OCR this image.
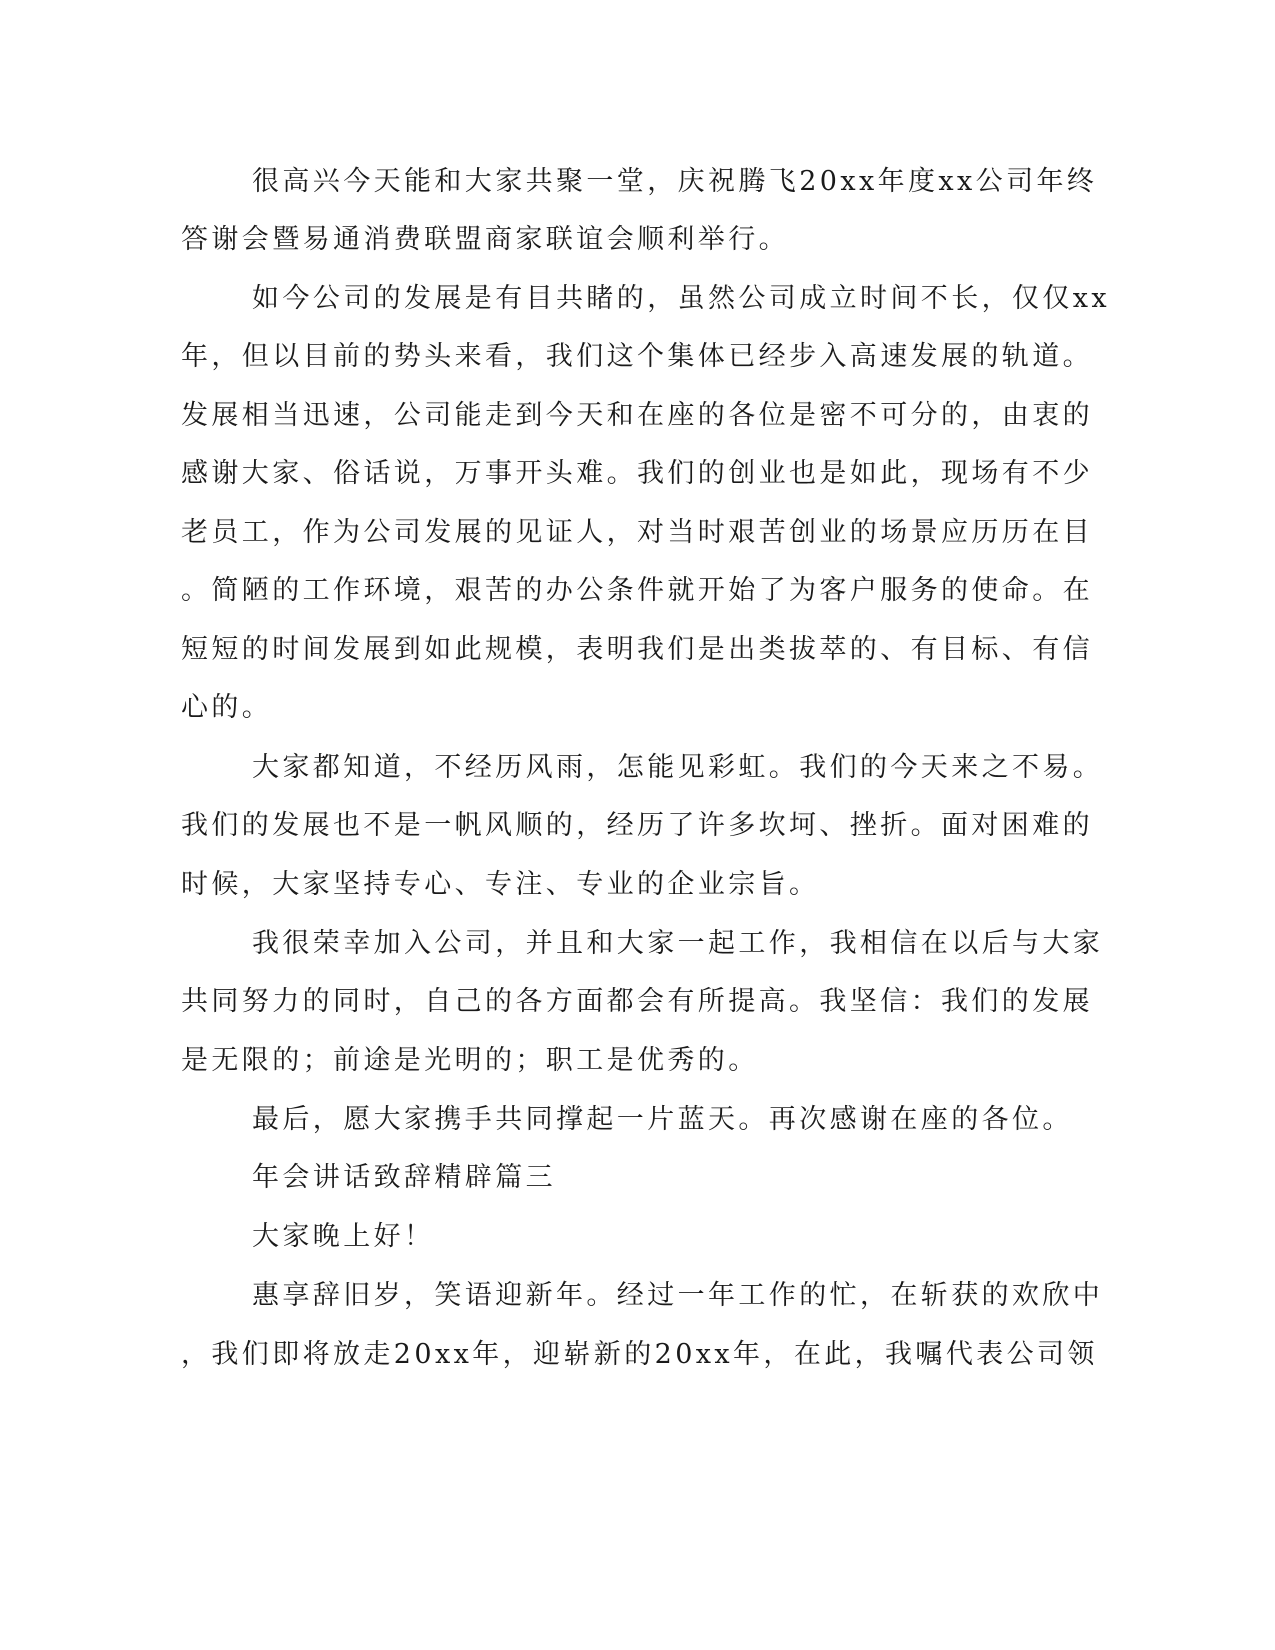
很高兴今天能和大家共聚一堂，庆祝腾飞20xx年度xx公司年终
答谢会暨易通消费联盟商家联谊会顺利举行。
如今公司的发展是有目共睹的，虽然公司成立时间不长，仅仅xx
年，但以目前的势头来看，我们这个集体已经步入高速发展的轨道。
发展相当迅速，公司能走到今天和在座的各位是密不可分的，由衷的
感谢大家、俗话说，万事开头难。我们的创业也是如此，现场有不少
老员工，作为公司发展的见证人，对当时艰苦创业的场景应历历在目
。简陋的工作环境，艰苦的办公条件就开始了为客户服务的使命。在
短短的时间发展到如此规模，表明我们是出类拔萃的、有目标、有信
心的。
大家都知道，不经历风雨，怎能见彩虹。我们的今天来之不易。
我们的发展也不是一帆风顺的，经历了许多坎坷、挫折。面对困难的
时候，大家坚持专心、专注、专业的企业宗旨。
我很荣幸加入公司，并且和大家一起工作，我相信在以后与大家
共同努力的同时，自己的各方面都会有所提高。我坚信：我们的发展
是无限的；前途是光明的；职工是优秀的。
最后，愿大家携手共同撑起一片蓝天。再次感谢在座的各位。
年会讲话致辞精辟篇三
大家晚上好！
惠享辞旧岁，笑语迎新年。经过一年工作的忙，在斩获的欢欣中
，我们即将放走20xx年，迎崭新的20xx年，在此，我嘱代表公司领
